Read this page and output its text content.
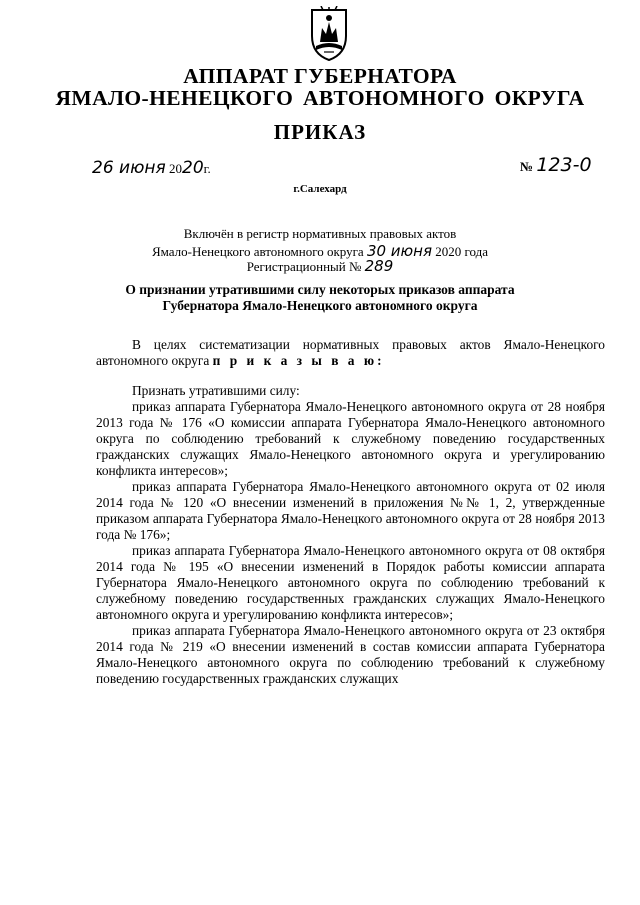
АППАРАТ ГУБЕРНАТОРА
ЯМАЛО-НЕНЕЦКОГО АВТОНОМНОГО ОКРУГА
ПРИКАЗ
26 июня 2020г.	№ 123-0
г.Салехард
Включён в регистр нормативных правовых актов
Ямало-Ненецкого автономного округа 30 июня 2020 года
Регистрационный № 289
О признании утратившими силу некоторых приказов аппарата
Губернатора Ямало-Ненецкого автономного округа

В целях систематизации нормативных правовых актов Ямало-Ненецкого автономного округа п р и к а з ы в а ю:

Признать утратившими силу:

приказ аппарата Губернатора Ямало-Ненецкого автономного округа от 28 ноября 2013 года № 176 «О комиссии аппарата Губернатора Ямало-Ненецкого автономного округа по соблюдению требований к служебному поведению государственных гражданских служащих Ямало-Ненецкого автономного округа и урегулированию конфликта интересов»;

приказ аппарата Губернатора Ямало-Ненецкого автономного округа от 02 июля 2014 года № 120 «О внесении изменений в приложения №№ 1, 2, утвержденные приказом аппарата Губернатора Ямало-Ненецкого автономного округа от 28 ноября 2013 года № 176»;

приказ аппарата Губернатора Ямало-Ненецкого автономного округа от 08 октября 2014 года № 195 «О внесении изменений в Порядок работы комиссии аппарата Губернатора Ямало-Ненецкого автономного округа по соблюдению требований к служебному поведению государственных гражданских служащих Ямало-Ненецкого автономного округа и урегулированию конфликта интересов»;

приказ аппарата Губернатора Ямало-Ненецкого автономного округа от 23 октября 2014 года № 219 «О внесении изменений в состав комиссии аппарата Губернатора Ямало-Ненецкого автономного округа по соблюдению требований к служебному поведению государственных гражданских служащих
